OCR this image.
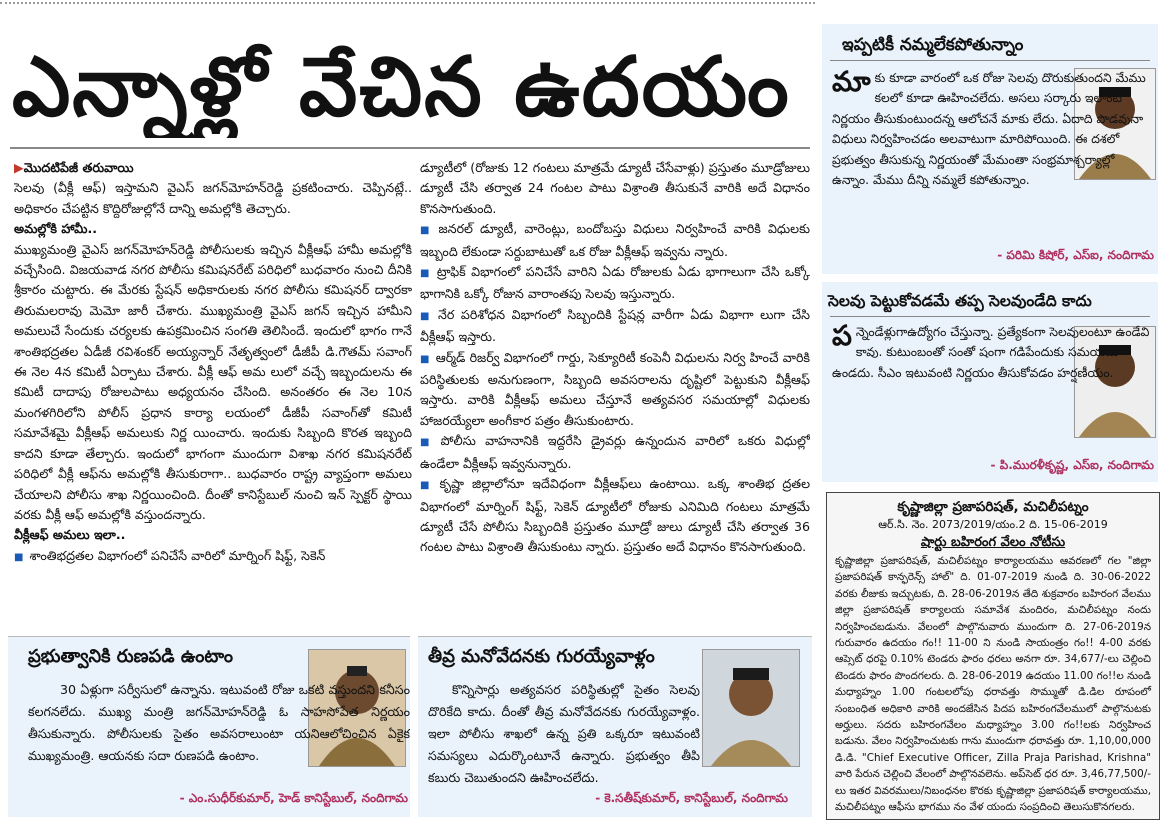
ఎన్నాళ్లో వేచిన ఉదయం

▶మొదటిపేజీ తరువాయి

సెలవు (వీక్లీ ఆఫ్) ఇస్తామని వైఎస్ జగన్‌మోహన్‌రెడ్డి ప్రకటించారు. చెప్పినట్లే.. అధికారం చేపట్టిన కొద్దిరోజుల్లోనే దాన్ని అమల్లోకి తెచ్చారు.

అమల్లోకి హామీ..

ముఖ్యమంత్రి వైఎస్ జగన్‌మోహన్‌రెడ్డి పోలీసులకు ఇచ్చిన వీక్లీఆఫ్ హామీ అమల్లోకి వచ్చేసింది. విజయవాడ నగర పోలీసు కమిషనరేట్ పరిధిలో బుధవారం నుంచి దీనికి శ్రీకారం చుట్టారు. ఈ మేరకు స్టేషన్ అధికారులకు నగర పోలీసు కమిషనర్ ద్వారకా తిరుమలరావు మెమో జారీ చేశారు. ముఖ్యమంత్రి వైఎస్ జగన్ ఇచ్చిన హామీని అమలుచే సేందుకు చర్యలకు ఉపక్రమించిన సంగతి తెలిసిందే. ఇందులో భాగం గానే శాంతిభద్రతల ఏడీజీ రవిశంకర్ అయ్యన్నార్ నేతృత్వంలో డీజీపీ డి.గౌతమ్ సవాంగ్ ఈ నెల 4న కమిటీ ఏర్పాటు చేశారు. వీక్లీ ఆఫ్ అమ లులో వచ్చే ఇబ్బందులను ఈ కమిటీ దాదాపు రోజులపాటు అధ్యయనం చేసింది. అనంతరం ఈ నెల 10న మంగళగిరిలోని పోలీస్ ప్రధాన కార్యా లయంలో డీజీపీ సవాంగ్‌తో కమిటీ సమావేశమై వీక్లీఆఫ్ అమలుకు నిర్ణ యించారు. ఇందుకు సిబ్బంది కొరత ఇబ్బంది కాదని కూడా తేల్చారు. ఇందులో భాగంగా ముందుగా విశాఖ నగర కమిషనరేట్ పరిధిలో వీక్లీ ఆఫ్‌ను అమల్లోకి తీసుకురాగా.. బుధవారం రాష్ట్ర వ్యాప్తంగా అమలు చేయాలని పోలీసు శాఖ నిర్ణయించింది. దీంతో కానిస్టేబుల్ నుంచి ఇన్ స్పెక్టర్ స్థాయి వరకు వీక్లీ ఆఫ్ అమల్లోకి వస్తుందన్నారు.

వీక్లీఆఫ్ అమలు ఇలా..

■ శాంతిభద్రతల విభాగంలో పనిచేసే వారిలో మార్నింగ్ షిఫ్ట్, సెకెన్

డ్యూటీలో (రోజుకు 12 గంటలు మాత్రమే డ్యూటీ చేసేవాళ్లు) ప్రస్తుతం మూడ్రోజులు డ్యూటీ చేసి తర్వాత 24 గంటల పాటు విశ్రాంతి తీసుకునే వారికి అదే విధానం కొనసాగుతుంది.

■ జనరల్ డ్యూటీ, వారెంట్లు, బందోబస్తు విధులు నిర్వహించే వారికి విధులకు ఇబ్బంది లేకుండా సర్దుబాటుతో ఒక రోజు వీక్లీఆఫ్ ఇవ్వను న్నారు.

■ ట్రాఫిక్ విభాగంలో పనిచేసే వారిని ఏడు రోజులకు ఏడు భాగాలుగా చేసి ఒక్కో భాగానికి ఒక్కో రోజున వారాంతపు సెలవు ఇస్తున్నారు.

■ నేర పరిశోధన విభాగంలో సిబ్బందికి స్టేషన్ల వారీగా ఏడు విభాగా లుగా చేసి వీక్లీఆఫ్ ఇస్తారు.

■ ఆర్మ్‌డ్ రిజర్వ్ విభాగంలో గార్డు, సెక్యూరిటీ కంపెనీ విధులను నిర్వ హించే వారికి పరిస్థితులకు అనుగుణంగా, సిబ్బంది అవసరాలను దృష్టిలో పెట్టుకుని వీక్లీఆఫ్ ఇస్తారు. వారికి వీక్లీఆఫ్ అమలు చేస్తూనే అత్యవసర సమయాల్లో విధులకు హాజరయ్యేలా అంగీకార పత్రం తీసుకుంటారు.

■ పోలీసు వాహనానికి ఇద్దరేసి డ్రైవర్లు ఉన్నందున వారిలో ఒకరు విధుల్లో ఉండేలా వీక్లీఆఫ్ ఇవ్వనున్నారు.

■ కృష్ణా జిల్లాలోనూ ఇదేవిధంగా వీక్లీఆఫ్‌లు ఉంటాయి. ఒక్క శాంతిభ ద్రతల విభాగంలో మార్నింగ్ షిఫ్ట్, సెకెన్ డ్యూటీలో రోజుకు ఎనిమిది గంటలు మాత్రమే డ్యూటీ చేసే పోలీసు సిబ్బందికి ప్రస్తుతం మూడ్రో జులు డ్యూటీ చేసి తర్వాత 36 గంటల పాటు విశ్రాంతి తీసుకుంటు న్నారు. ప్రస్తుతం అదే విధానం కొనసాగుతుంది.

ప్రభుత్వానికి రుణపడి ఉంటాం
30 ఏళ్లుగా సర్వీసులో ఉన్నాను. ఇటువంటి రోజు ఒకటి వస్తుందని కనీసం కలగనలేదు. ముఖ్య మంత్రి జగన్‌మోహన్‌రెడ్డి ఓ సాహసోపేత నిర్ణయం తీసుకున్నారు. పోలీసులకు సైతం అవసరాలుంటా యనిఆలోచించిన ఏకైక ముఖ్యమంత్రి. ఆయనకు సదా రుణపడి ఉంటాం.
- ఎం.సుధీర్‌కుమార్, హెడ్ కానిస్టేబుల్, నందిగామ
తీవ్ర మనోవేదనకు గురయ్యేవాళ్లం
కొన్నిసార్లు అత్యవసర పరిస్థితుల్లో సైతం సెలవు దొరికేది కాదు. దీంతో తీవ్ర మనోవేదనకు గురయ్యేవాళ్లం. ఇలా పోలీసు శాఖలో ఉన్న ప్రతి ఒక్కరూ ఇటువంటి సమస్యలు ఎదుర్కొంటూనే ఉన్నారు. ప్రభుత్వం తీపి కబురు చెబుతుందని ఊహించలేదు.
- కె.సతీష్‌కుమార్, కానిస్టేబుల్, నందిగామ
ఇప్పటికీ నమ్మలేకపోతున్నాం
మాకు కూడా వారంలో ఒక రోజు సెలవు దొరుకుతుందని మేము కలలో కూడా ఊహించలేదు. అసలు సర్కారు ఇలాంటి నిర్ణయం తీసుకుంటుందన్న ఆలోచనే మాకు లేదు. ఏదాది పొడవునా విధులు నిర్వహించడం అలవాటుగా మారిపోయింది. ఈ దశలో ప్రభుత్వం తీసుకున్న నిర్ణయంతో మేమంతా సంభ్రమాశ్చర్యాల్లో ఉన్నాం. మేము దీన్ని నమ్మలే కపోతున్నాం.
- పరిమి కిషోర్, ఎస్ఐ, నందిగామ
సెలవు పెట్టుకోవడమే తప్ప సెలవుండేది కాదు
పన్నెండేళ్లుగాఉద్యోగం చేస్తున్నా. ప్రత్యేకంగా సెలవులంటూ ఉండేవి కావు. కుటుంబంతో సంతో షంగా గడిపేందుకు సమయమే ఉండదు. సీఎం ఇటువంటి నిర్ణయం తీసుకోవడం హర్షణీయం.
- పి.మురళీకృష్ణ, ఎస్ఐ, నందిగామ
కృష్ణాజిల్లా ప్రజాపరిషత్, మచిలీపట్నం
ఆర్.సి. నెం. 2073/2019/యం.2 ది. 15-06-2019
షార్టు బహిరంగ వేలం నోటీసు
కృష్ణాజిల్లా ప్రజాపరిషత్, మచిలీపట్నం కార్యాలయము ఆవరణలో గల "జిల్లా ప్రజాపరిషత్ కాన్ఫరెన్స్ హాల్" ది. 01-07-2019 నుండి ది. 30-06-2022 వరకు లీజుకు ఇచ్చుటకు, ది. 28-06-2019న తేది శుక్రవారం బహిరంగ వేలము జిల్లా ప్రజాపరిషత్ కార్యాలయ సమావేశ మందిరం, మచిలీపట్నం నందు నిర్వహించబడును. వేలంలో పాల్గొనువారు ముందుగా ది. 27-06-2019న గురువారం ఉదయం గం!! 11-00 ని నుండి సాయంత్రం గం!! 4-00 వరకు ఆప్సెట్ ధరపై 0.10% టెండరు ఫారం ధరలు అనగా రూ. 34,677/-లు చెల్లించి టెండరు ఫారం పొందగలరు. ది. 28-06-2019 ఉదయం 11.00 గం!!ల నుండి మధ్యాహ్నం 1.00 గంటలలోపు ధరావత్తు సొమ్ముతో డి.డిల రూపంలో సంబంధిత అధికారి వారికి అందజేసిన పిదప బహిరంగవేలములో పాల్గొనుటకు అర్హులు. సదరు బహిరంగవేలం మధ్యాహ్నం 3.00 గం!!లకు నిర్వహించ బడును. వేలం నిర్వహించుటకు గాను ముందుగా ధరావత్తు రూ. 1,10,00,000 డి.డి. "Chief Executive Officer, Zilla Praja Parishad, Krishna" వారి పేరున చెల్లించి వేలంలో పాల్గొనవలెను. అప్‌సెట్ ధర రూ. 3,46,77,500/-లు ఇతర వివరములు/నిబంధనల కొరకు కృష్ణాజిల్లా ప్రజాపరిషత్ కార్యాలయము, మచిలీపట్నం ఆఫీసు భాగము నం వేళ యందు సంప్రదించి తెలుసుకొనగలరు.
